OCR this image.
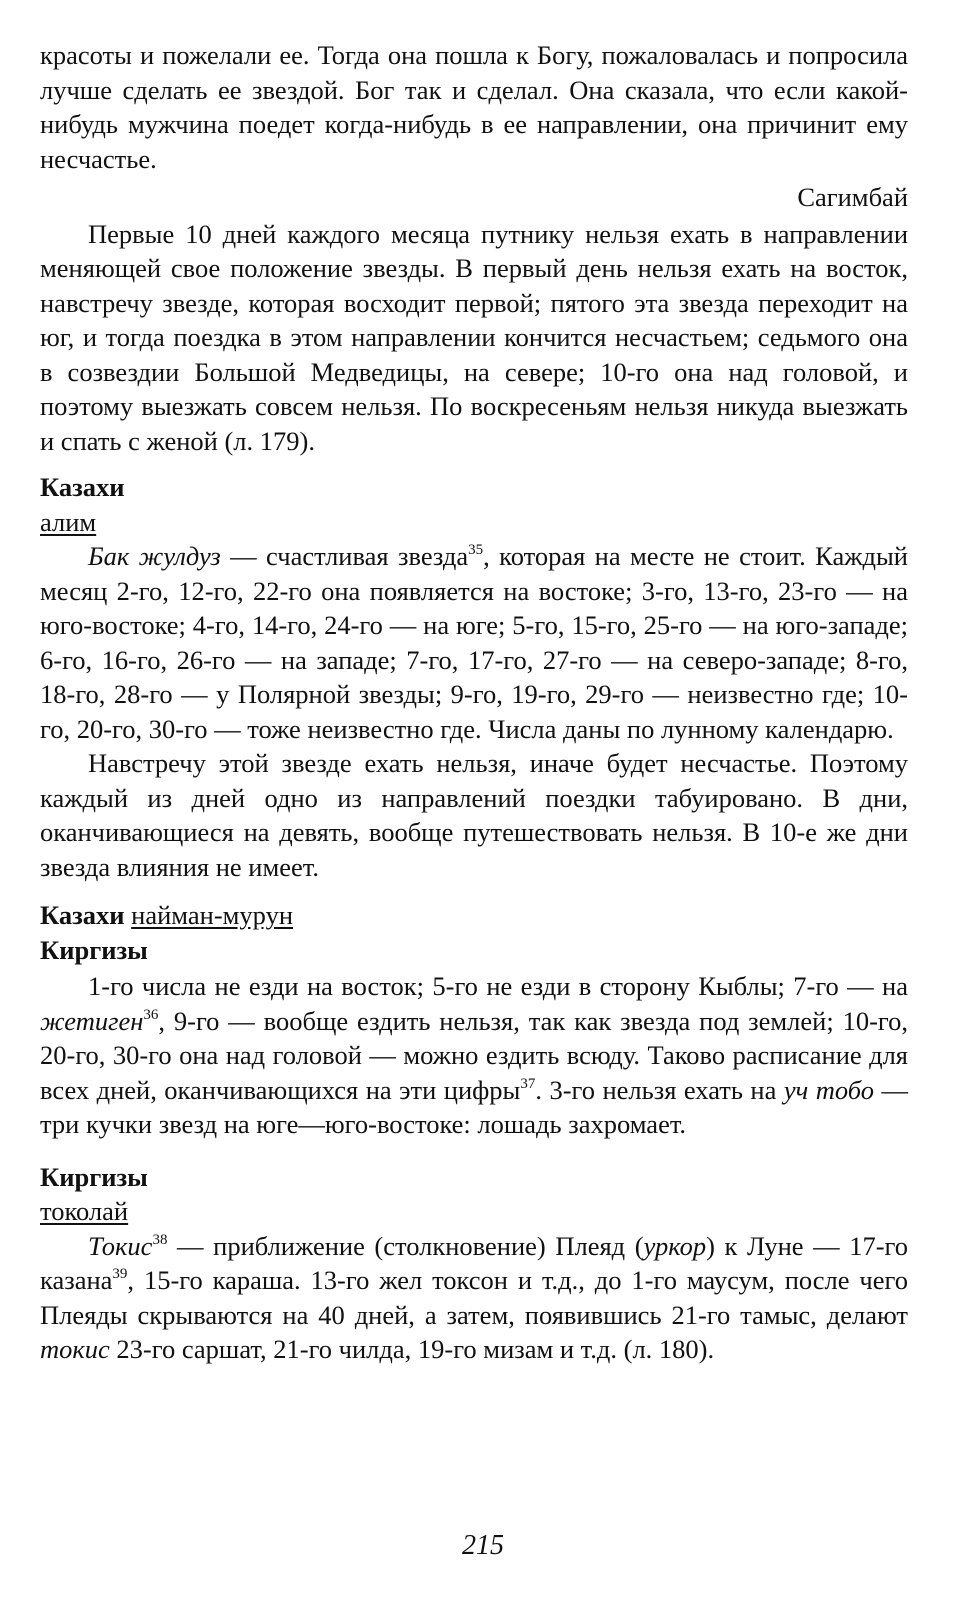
красоты и пожелали ее. Тогда она пошла к Богу, пожаловалась и попросила лучше сделать ее звездой. Бог так и сделал. Она сказала, что если какой-нибудь мужчина поедет когда-нибудь в ее направлении, она причинит ему несчастье.

Сагимбай

Первые 10 дней каждого месяца путнику нельзя ехать в направлении меняющей свое положение звезды. В первый день нельзя ехать на восток, навстречу звезде, которая восходит первой; пятого эта звезда переходит на юг, и тогда поездка в этом направлении кончится несчастьем; седьмого она в созвездии Большой Медведицы, на севере; 10-го она над головой, и поэтому выезжать совсем нельзя. По воскресеньям нельзя никуда выезжать и спать с женой (л. 179).

Казахи

алим

Бак жулдуз — счастливая звезда$^{35}$, которая на месте не стоит. Каждый месяц 2-го, 12-го, 22-го она появляется на востоке; 3-го, 13-го, 23-го — на юго-востоке; 4-го, 14-го, 24-го — на юге; 5-го, 15-го, 25-го — на юго-западе; 6-го, 16-го, 26-го — на западе; 7-го, 17-го, 27-го — на северо-западе; 8-го, 18-го, 28-го — у Полярной звезды; 9-го, 19-го, 29-го — неизвестно где; 10-го, 20-го, 30-го — тоже неизвестно где. Числа даны по лунному календарю.

Навстречу этой звезде ехать нельзя, иначе будет несчастье. Поэтому каждый из дней одно из направлений поездки табуировано. В дни, оканчивающиеся на девять, вообще путешествовать нельзя. В 10-е же дни звезда влияния не имеет.

Казахи найман-мурун

Киргизы

1-го числа не езди на восток; 5-го не езди в сторону Кыблы; 7-го — на жетиген$^{36}$, 9-го — вообще ездить нельзя, так как звезда под землей; 10-го, 20-го, 30-го она над головой — можно ездить всюду. Таково расписание для всех дней, оканчивающихся на эти цифры$^{37}$. 3-го нельзя ехать на уч тобо — три кучки звезд на юге—юго-востоке: лошадь захромает.

Киргизы

токолай

Токис$^{38}$ — приближение (столкновение) Плеяд (уркор) к Луне — 17-го казана$^{39}$, 15-го караша. 13-го жел токсон и т.д., до 1-го маусум, после чего Плеяды скрываются на 40 дней, а затем, появившись 21-го тамыс, делают токис 23-го саршат, 21-го чилда, 19-го мизам и т.д. (л. 180).

215
